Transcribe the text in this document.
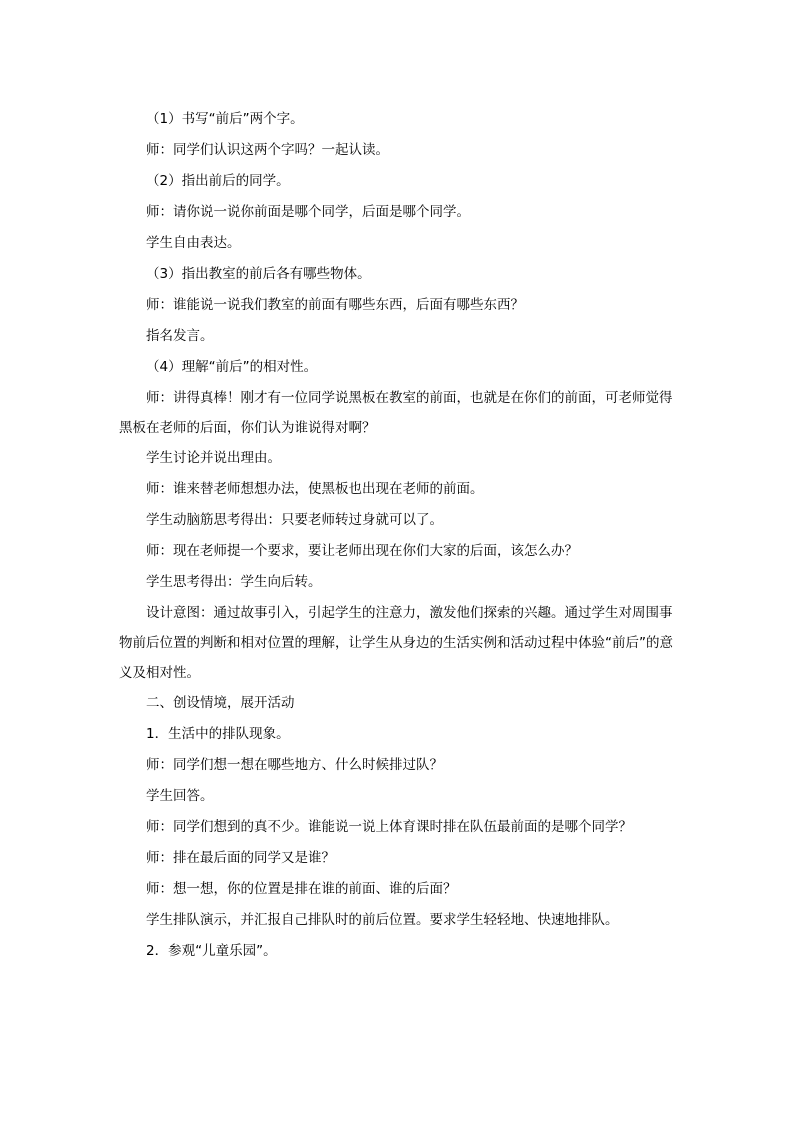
（1）书写“前后”两个字。

师：同学们认识这两个字吗？一起认读。

（2）指出前后的同学。

师：请你说一说你前面是哪个同学，后面是哪个同学。

学生自由表达。

（3）指出教室的前后各有哪些物体。

师：谁能说一说我们教室的前面有哪些东西，后面有哪些东西？

指名发言。

（4）理解“前后”的相对性。

师：讲得真棒！刚才有一位同学说黑板在教室的前面，也就是在你们的前面，可老师觉得黑板在老师的后面，你们认为谁说得对啊？

学生讨论并说出理由。

师：谁来替老师想想办法，使黑板也出现在老师的前面。

学生动脑筋思考得出：只要老师转过身就可以了。

师：现在老师提一个要求，要让老师出现在你们大家的后面，该怎么办？

学生思考得出：学生向后转。

设计意图：通过故事引入，引起学生的注意力，激发他们探索的兴趣。通过学生对周围事物前后位置的判断和相对位置的理解，让学生从身边的生活实例和活动过程中体验“前后”的意义及相对性。

二、创设情境，展开活动

1．生活中的排队现象。

师：同学们想一想在哪些地方、什么时候排过队？

学生回答。

师：同学们想到的真不少。谁能说一说上体育课时排在队伍最前面的是哪个同学？

师：排在最后面的同学又是谁？

师：想一想，你的位置是排在谁的前面、谁的后面？

学生排队演示，并汇报自己排队时的前后位置。要求学生轻轻地、快速地排队。

2．参观“儿童乐园”。
